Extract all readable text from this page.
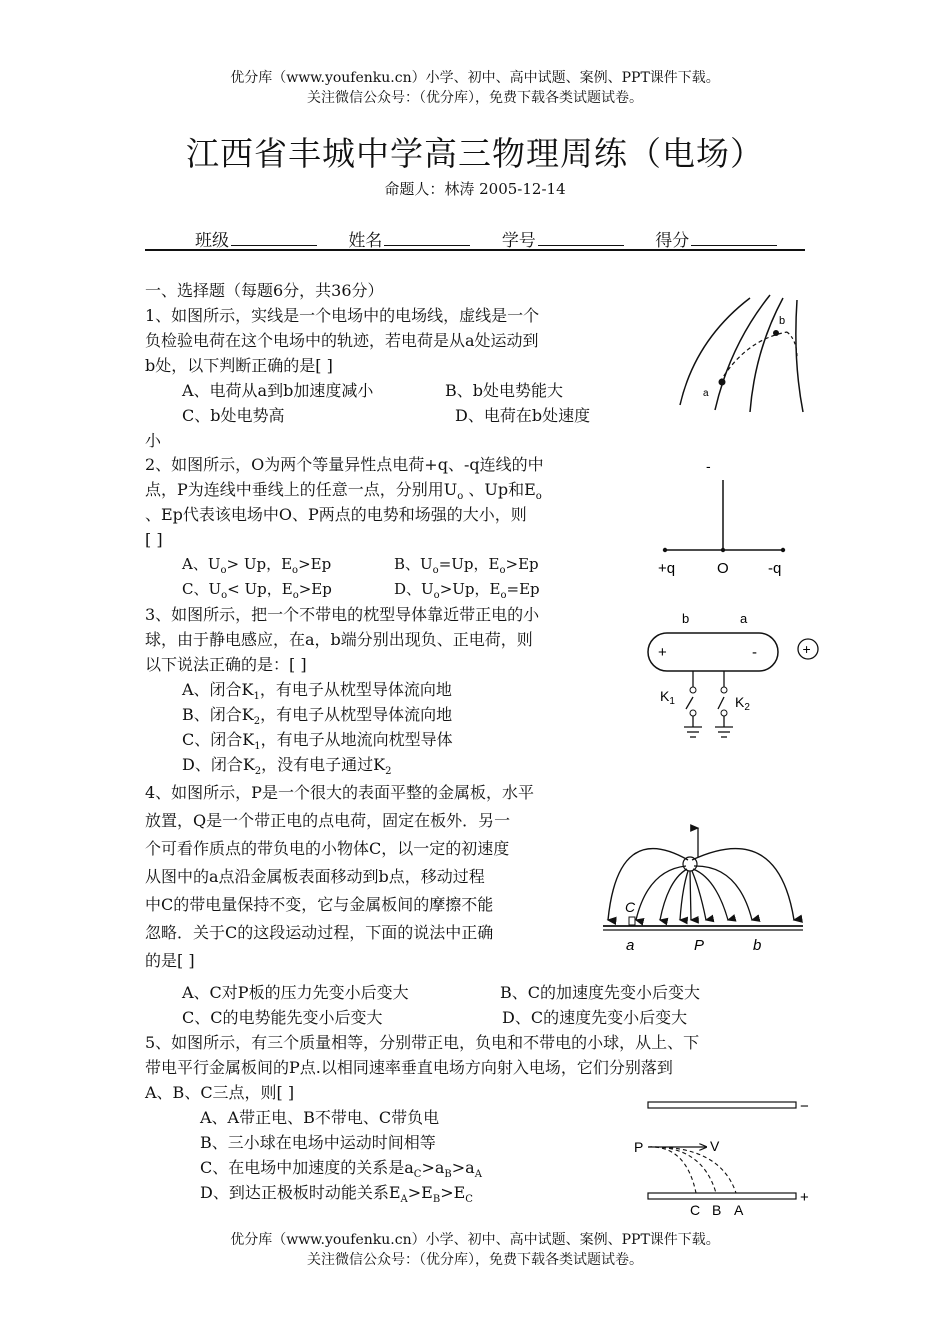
优分库（www.youfenku.cn）小学、初中、高中试题、案例、PPT课件下载。
关注微信公众号：（优分库），免费下载各类试题试卷。
江西省丰城中学高三物理周练（电场）
命题人：林涛 2005-12-14
班级	姓名	学号	得分
一、选择题（每题6分，共36分）
1、如图所示，实线是一个电场中的电场线，虚线是一个
负检验电荷在这个电场中的轨迹，若电荷是从a处运动到
b处，以下判断正确的是[ ]
A、电荷从a到b加速度减小	B、b处电势能大
C、b处电势高	D、电荷在b处速度
小
a
b
2、如图所示，O为两个等量异性点电荷+q、-q连线的中
点，P为连线中垂线上的任意一点，分别用$U_o$ 、Up和$E_o$
、Ep代表该电场中O、P两点的电势和场强的大小，则
[ ]
A、$U_o> Up$，$E_o>Ep$	B、$U_o=Up$，$E_o>Ep$
C、$U_o< Up$，$E_o>Ep$	D、$U_o>Up$，$E_o=Ep$
-
+q	O	-q
3、如图所示，把一个不带电的枕型导体靠近带正电的小
球，由于静电感应，在a，b端分别出现负、正电荷，则
以下说法正确的是：[ ]
A、闭合$K_1$，有电子从枕型导体流向地
B、闭合$K_2$，有电子从枕型导体流向地
C、闭合$K_1$，有电子从地流向枕型导体
D、闭合$K_2$，没有电子通过$K_2$
b	a
+	-	+
$K_1$	$K_2$
4、如图所示，P是一个很大的表面平整的金属板，水平
放置，Q是一个带正电的点电荷，固定在板外．另一
个可看作质点的带负电的小物体C，以一定的初速度
从图中的a点沿金属板表面移动到b点，移动过程
中C的带电量保持不变，它与金属板间的摩擦不能
忽略．关于C的这段运动过程，下面的说法中正确
的是[ ]
A、C对P板的压力先变小后变大	B、C的加速度先变小后变大
C、C的电势能先变小后变大	D、C的速度先变小后变大
C
a	P	b
5、如图所示，有三个质量相等，分别带正电，负电和不带电的小球，从上、下
带电平行金属板间的P点.以相同速率垂直电场方向射入电场，它们分别落到
A、B、C三点，则[ ]
A、A带正电、B不带电、C带负电
B、三小球在电场中运动时间相等
C、在电场中加速度的关系是$a_C>a_B>a_A$
D、到达正极板时动能关系$E_A>E_B>E_C$
−
+
P	V
C B A
优分库（www.youfenku.cn）小学、初中、高中试题、案例、PPT课件下载。
关注微信公众号：（优分库），免费下载各类试题试卷。
